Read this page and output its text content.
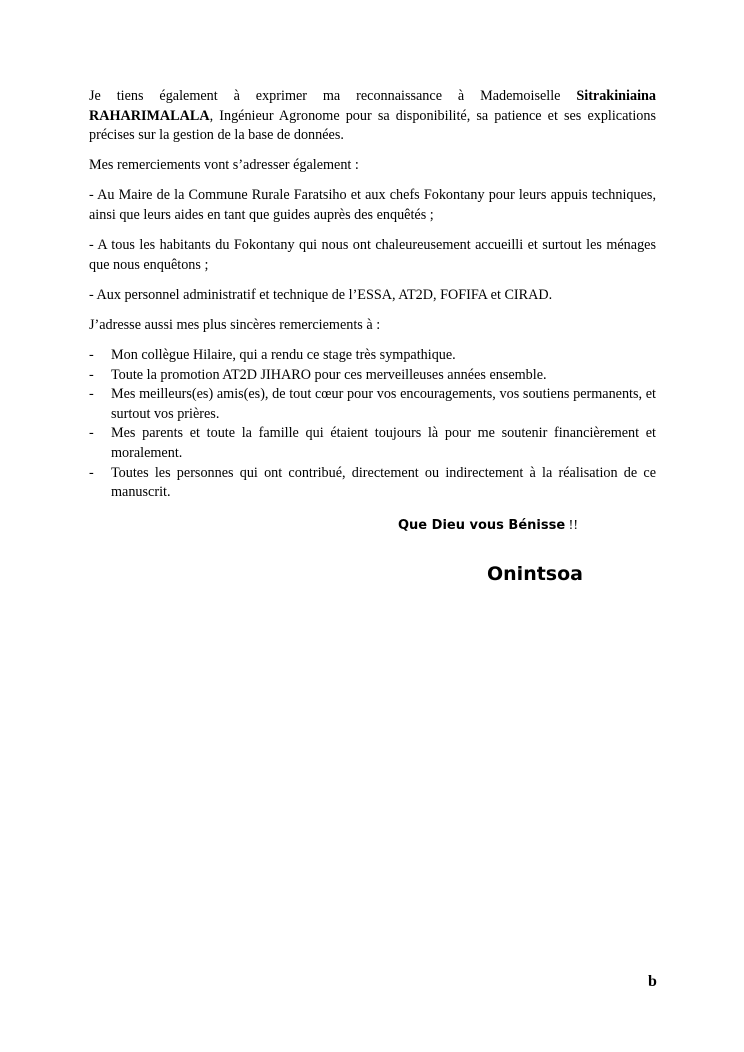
Je tiens également à exprimer ma reconnaissance à Mademoiselle Sitrakiniaina RAHARIMALALA, Ingénieur Agronome pour sa disponibilité, sa patience et ses explications précises sur la gestion de la base de données.

Mes remerciements vont s’adresser également :

- Au Maire de la Commune Rurale Faratsiho et aux chefs Fokontany pour leurs appuis techniques, ainsi que leurs aides en tant que guides auprès des enquêtés ;

- A tous les habitants du Fokontany qui nous ont chaleureusement accueilli et surtout les ménages que nous enquêtons ;

- Aux personnel administratif et technique de l’ESSA, AT2D, FOFIFA et CIRAD.

J’adresse aussi mes plus sincères remerciements à :

- Mon collègue Hilaire, qui a rendu ce stage très sympathique.
- Toute la promotion AT2D JIHARO pour ces merveilleuses années ensemble.
- Mes meilleurs(es) amis(es), de tout cœur pour vos encouragements, vos soutiens permanents, et surtout vos prières.
- Mes parents et toute la famille qui étaient toujours là pour me soutenir financièrement et moralement.
- Toutes les personnes qui ont contribué, directement ou indirectement à la réalisation de ce manuscrit.
Que Dieu vous Bénisse !!
Onintsoa
b
